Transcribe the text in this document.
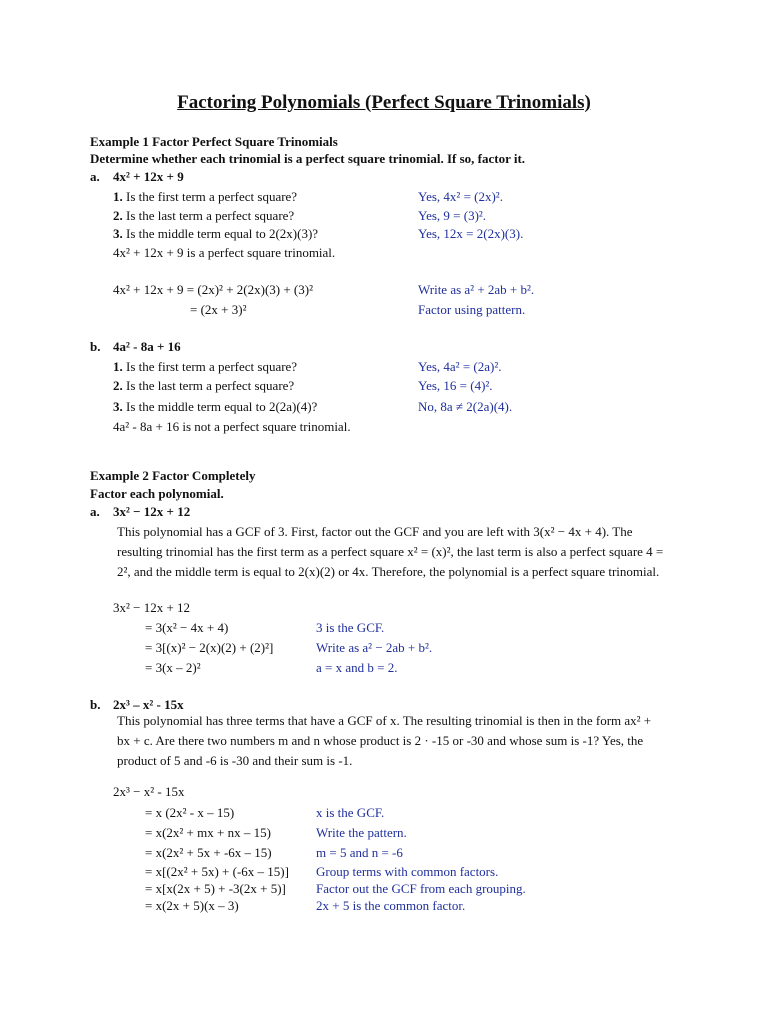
Factoring Polynomials (Perfect Square Trinomials)
Example 1 Factor Perfect Square Trinomials
Determine whether each trinomial is a perfect square trinomial. If so, factor it.
a. 4x² + 12x + 9
1. Is the first term a perfect square?	Yes, 4x² = (2x)².
2. Is the last term a perfect square?	Yes, 9 = (3)².
3. Is the middle term equal to 2(2x)(3)?	Yes, 12x = 2(2x)(3).
4x² + 12x + 9 is a perfect square trinomial.
4x² + 12x + 9 = (2x)² + 2(2x)(3) + (3)²	Write as a² + 2ab + b².
= (2x + 3)²	Factor using pattern.
b. 4a² - 8a + 16
1. Is the first term a perfect square?	Yes, 4a² = (2a)².
2. Is the last term a perfect square?	Yes, 16 = (4)².
3. Is the middle term equal to 2(2a)(4)?	No, 8a ≠ 2(2a)(4).
4a² - 8a + 16 is not a perfect square trinomial.
Example 2 Factor Completely
Factor each polynomial.
a. 3x² − 12x + 12
This polynomial has a GCF of 3. First, factor out the GCF and you are left with 3(x² − 4x + 4). The resulting trinomial has the first term as a perfect square x² = (x)², the last term is also a perfect square 4 = 2², and the middle term is equal to 2(x)(2) or 4x. Therefore, the polynomial is a perfect square trinomial.
3x² − 12x + 12
= 3(x² − 4x + 4)	3 is the GCF.
= 3[(x)² − 2(x)(2) + (2)²]	Write as a² − 2ab + b².
= 3(x – 2)²	a = x and b = 2.
b. 2x³ – x² - 15x
This polynomial has three terms that have a GCF of x. The resulting trinomial is then in the form ax² + bx + c. Are there two numbers m and n whose product is 2 · -15 or -30 and whose sum is -1? Yes, the product of 5 and -6 is -30 and their sum is -1.
2x³ − x² - 15x
= x (2x² - x – 15)	x is the GCF.
= x(2x² + mx + nx – 15)	Write the pattern.
= x(2x² + 5x + -6x – 15)	m = 5 and n = -6
= x[(2x² + 5x) + (-6x – 15)] Group terms with common factors.
= x[x(2x + 5) + -3(2x + 5)] Factor out the GCF from each grouping.
= x(2x + 5)(x – 3)	2x + 5 is the common factor.
